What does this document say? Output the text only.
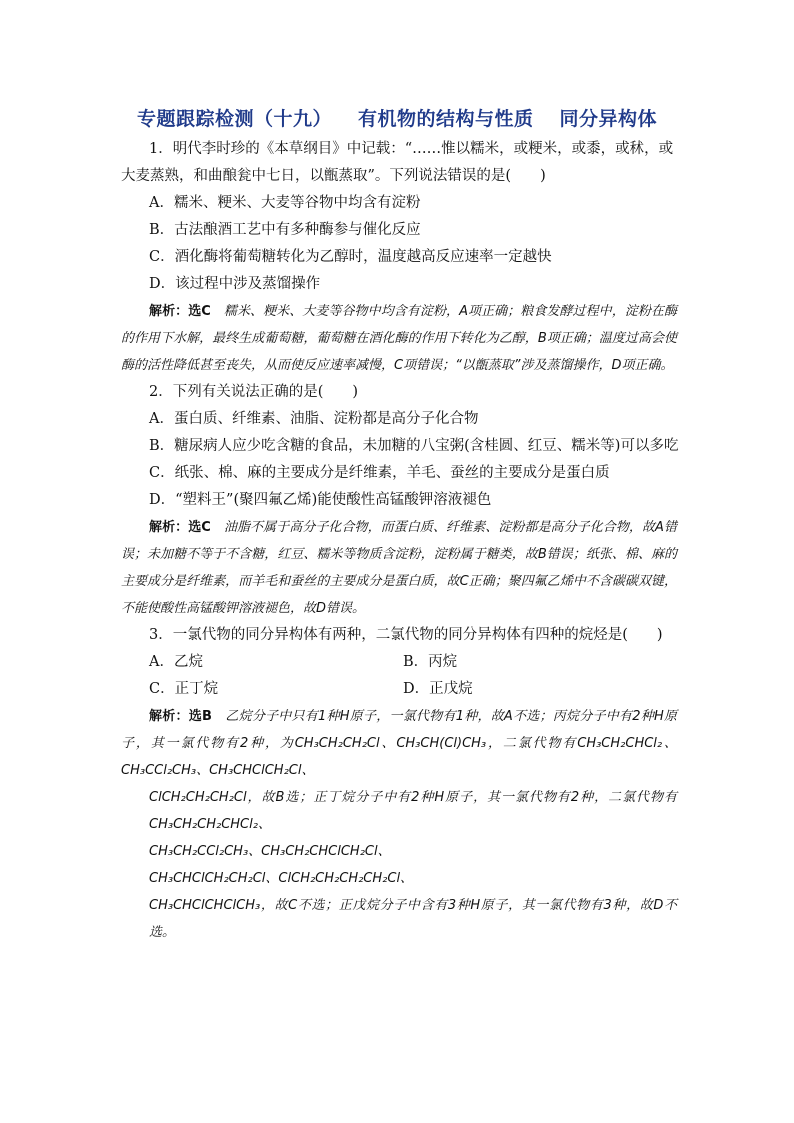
专题跟踪检测（十九） 有机物的结构与性质 同分异构体

1．明代李时珍的《本草纲目》中记载：“……惟以糯米，或粳米，或黍，或秫，或大麦蒸熟，和曲酿瓮中七日，以甑蒸取”。下列说法错误的是(　　)

A．糯米、粳米、大麦等谷物中均含有淀粉

B．古法酿酒工艺中有多种酶参与催化反应

C．酒化酶将葡萄糖转化为乙醇时，温度越高反应速率一定越快

D．该过程中涉及蒸馏操作

解析：选C　糯米、粳米、大麦等谷物中均含有淀粉，A项正确；粮食发酵过程中，淀粉在酶的作用下水解，最终生成葡萄糖，葡萄糖在酒化酶的作用下转化为乙醇，B项正确；温度过高会使酶的活性降低甚至丧失，从而使反应速率减慢，C项错误；“以甑蒸取”涉及蒸馏操作，D项正确。

2．下列有关说法正确的是(　　)

A．蛋白质、纤维素、油脂、淀粉都是高分子化合物

B．糖尿病人应少吃含糖的食品，未加糖的八宝粥(含桂圆、红豆、糯米等)可以多吃

C．纸张、棉、麻的主要成分是纤维素，羊毛、蚕丝的主要成分是蛋白质

D．“塑料王”(聚四氟乙烯)能使酸性高锰酸钾溶液褪色

解析：选C　油脂不属于高分子化合物，而蛋白质、纤维素、淀粉都是高分子化合物，故A错误；未加糖不等于不含糖，红豆、糯米等物质含淀粉，淀粉属于糖类，故B错误；纸张、棉、麻的主要成分是纤维素，而羊毛和蚕丝的主要成分是蛋白质，故C正确；聚四氟乙烯中不含碳碳双键，不能使酸性高锰酸钾溶液褪色，故D错误。

3．一氯代物的同分异构体有两种，二氯代物的同分异构体有四种的烷烃是(　　)

A．乙烷	B．丙烷
C．正丁烷	D．正戊烷

解析：选B　乙烷分子中只有1种H原子，一氯代物有1种，故A不选；丙烷分子中有2种H原子，其一氯代物有2种，为CH₃CH₂CH₂Cl、CH₃CH(Cl)CH₃，二氯代物有CH₃CH₂CHCl₂、CH₃CCl₂CH₃、CH₃CHClCH₂Cl、

ClCH₂CH₂CH₂Cl，故B选；正丁烷分子中有2种H原子，其一氯代物有2种，二氯代物有CH₃CH₂CH₂CHCl₂、

CH₃CH₂CCl₂CH₃、CH₃CH₂CHClCH₂Cl、

CH₃CHClCH₂CH₂Cl、ClCH₂CH₂CH₂CH₂Cl、

CH₃CHClCHClCH₃，故C不选；正戊烷分子中含有3种H原子，其一氯代物有3种，故D不选。
